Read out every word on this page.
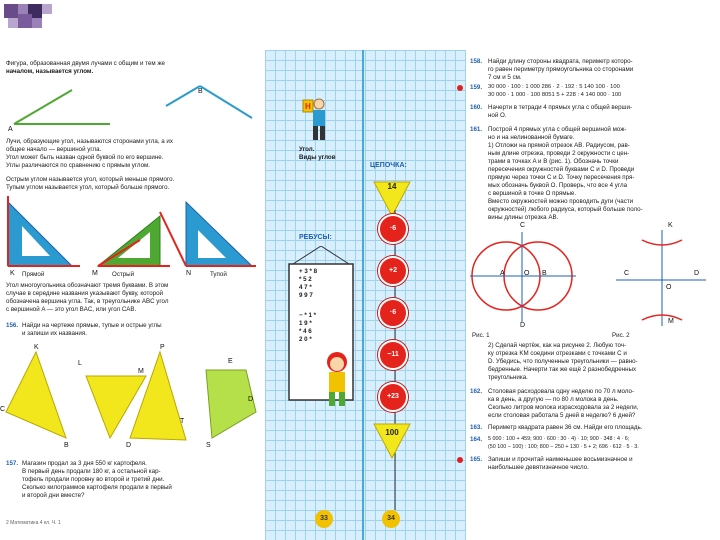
Фигура, образованная двумя лучами с общим и тем же
началом, называется углом.
A
B
Лучи, образующие угол, называются сторонами угла, а их
общее начало — вершиной угла.
Угол может быть назван одной буквой по его вершине.
Углы различаются по сравнению с прямым углом.
Острым углом называется угол, который меньше прямого.
Тупым углом называется угол, который больше прямого.
K Прямой	M Острый	N	Тупой
Угол многоугольника обозначают тремя буквами. В этом
случае в середине названия указывают букву, которой
обозначена вершина угла. Так, в треугольнике ABC угол
с вершиной A — это угол BAC, или угол CAB.
156. Найди на чертеже прямые, тупые и острые углы
и запиши их названия.
K
C
L
M
B
P
T
E
D	S
D
157. Магазин продал за 3 дня 550 кг картофеля.
В первый день продали 180 кг, а остальной кар-
тофель продали поровну во второй и третий дни.
Сколько килограммов картофеля продали в первый
и второй дни вместе?
2 Математика 4 кл. Ч. 1
Н
Угол.
Виды углов
РЕБУСЫ:
+ 3 * 8
* 5 2
4 7 *
9 9 7
− * 1 *
1 9 *
* 4 6
2 0 *
33
ЦЕПОЧКА:
14
·6
+2
·6
−11
+23
100
34
158. Найди длину стороны квадрата, периметр которо-
го равен периметру прямоугольника со сторонами
7 см и 5 см.
159. 30 000 · 100 : 1 000 286 · 2 · 192 : 5 140 100 · 100
30 000 · 1 000 · 100 8051 5 + 228 : 4 140 000 · 100
160. Начерти в тетради 4 прямых угла с общей верши-
ной O.
161. Построй 4 прямых угла с общей вершиной мож-
но и на нелинованной бумаге.
1) Отложи на прямой отрезок AB. Радиусом, рав-
ным длине отрезка, проведи 2 окружности с цен-
трами в точках A и B (рис. 1). Обозначь точки
пересечения окружностей буквами C и D. Проведи
прямую через точки C и D. Точку пересечения пря-
мых обозначь буквой O. Проверь, что все 4 угла
с вершиной в точке O прямые.
Вместо окружностей можно проводить дуги (части
окружностей) любого радиуса, который больше поло-
вины длины отрезка AB.
C
A	O B
D
K
C	D
O
M
Рис. 1	Рис. 2
2) Сделай чертёж, как на рисунке 2. Любую точ-
ку отрезка KM соедини отрезками с точками C и
D. Убедись, что полученные треугольники — равно-
бедренные. Начерти так же ещё 2 разнобедренных
треугольника.
162. Столовая расходовала одну неделю по 70 л моло-
ка в день, а другую — по 80 л молока в день.
Сколько литров молока израсходовала за 2 недели,
если столовая работала 5 дней в неделю? 6 дней?
163. Периметр квадрата равен 36 см. Найди его площадь.
164. 5 000 : 100 + 459; 900 · 600 : 30 · 4) · 10; 900 · 348 : 4 · 6;
(50 100 − 100) : 100; 800 − 250 + 130 · 5 + 2; 696 · 612 · 5 · 3.
165. Запиши и прочитай наименьшее восьмизначное и
наибольшее девятизначное число.
